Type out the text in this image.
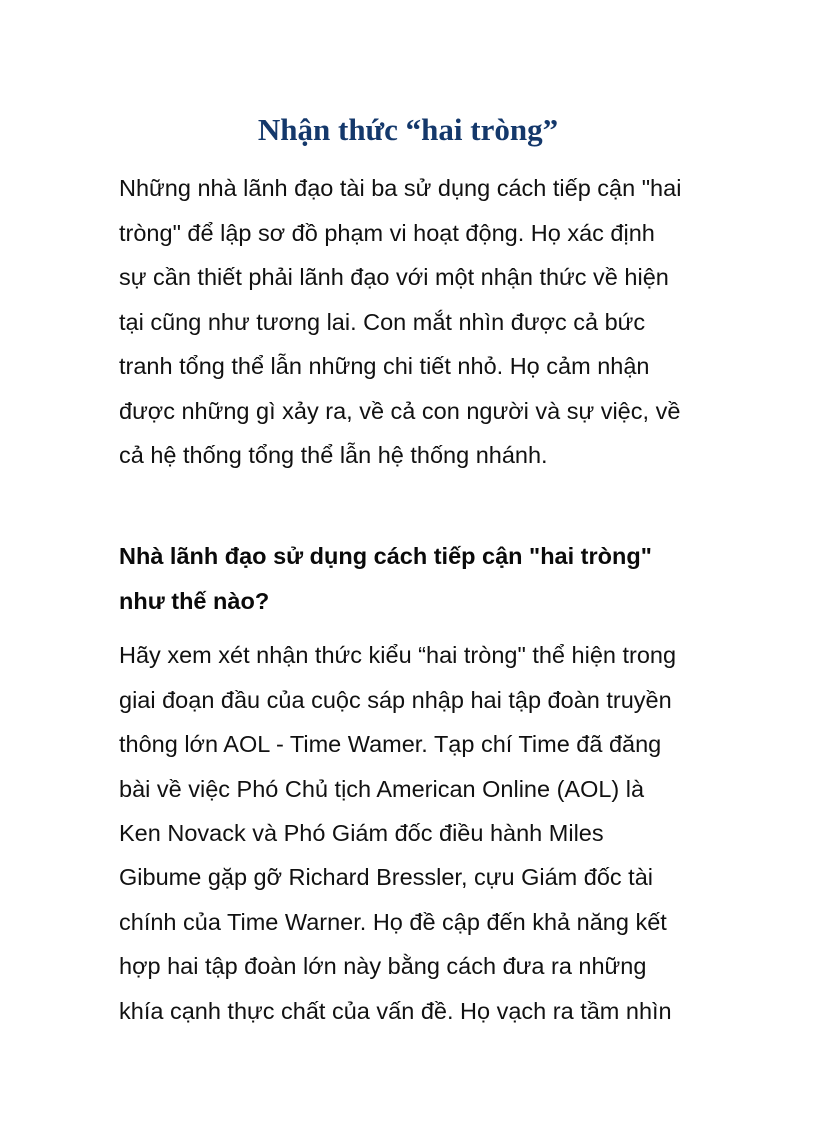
Nhận thức “hai tròng”

Những nhà lãnh đạo tài ba sử dụng cách tiếp cận "hai

tròng" để lập sơ đồ phạm vi hoạt động. Họ xác định

sự cần thiết phải lãnh đạo với một nhận thức về hiện

tại cũng như tương lai. Con mắt nhìn được cả bức

tranh tổng thể lẫn những chi tiết nhỏ. Họ cảm nhận

được những gì xảy ra, về cả con người và sự việc, về

cả hệ thống tổng thể lẫn hệ thống nhánh.

Nhà lãnh đạo sử dụng cách tiếp cận "hai tròng"

như thế nào?

Hãy xem xét nhận thức kiểu “hai tròng" thể hiện trong

giai đoạn đầu của cuộc sáp nhập hai tập đoàn truyền

thông lớn AOL - Time Wamer. Tạp chí Time đã đăng

bài về việc Phó Chủ tịch American Online (AOL) là

Ken Novack và Phó Giám đốc điều hành Miles

Gibume gặp gỡ Richard Bressler, cựu Giám đốc tài

chính của Time Warner. Họ đề cập đến khả năng kết

hợp hai tập đoàn lớn này bằng cách đưa ra những

khía cạnh thực chất của vấn đề. Họ vạch ra tầm nhìn
